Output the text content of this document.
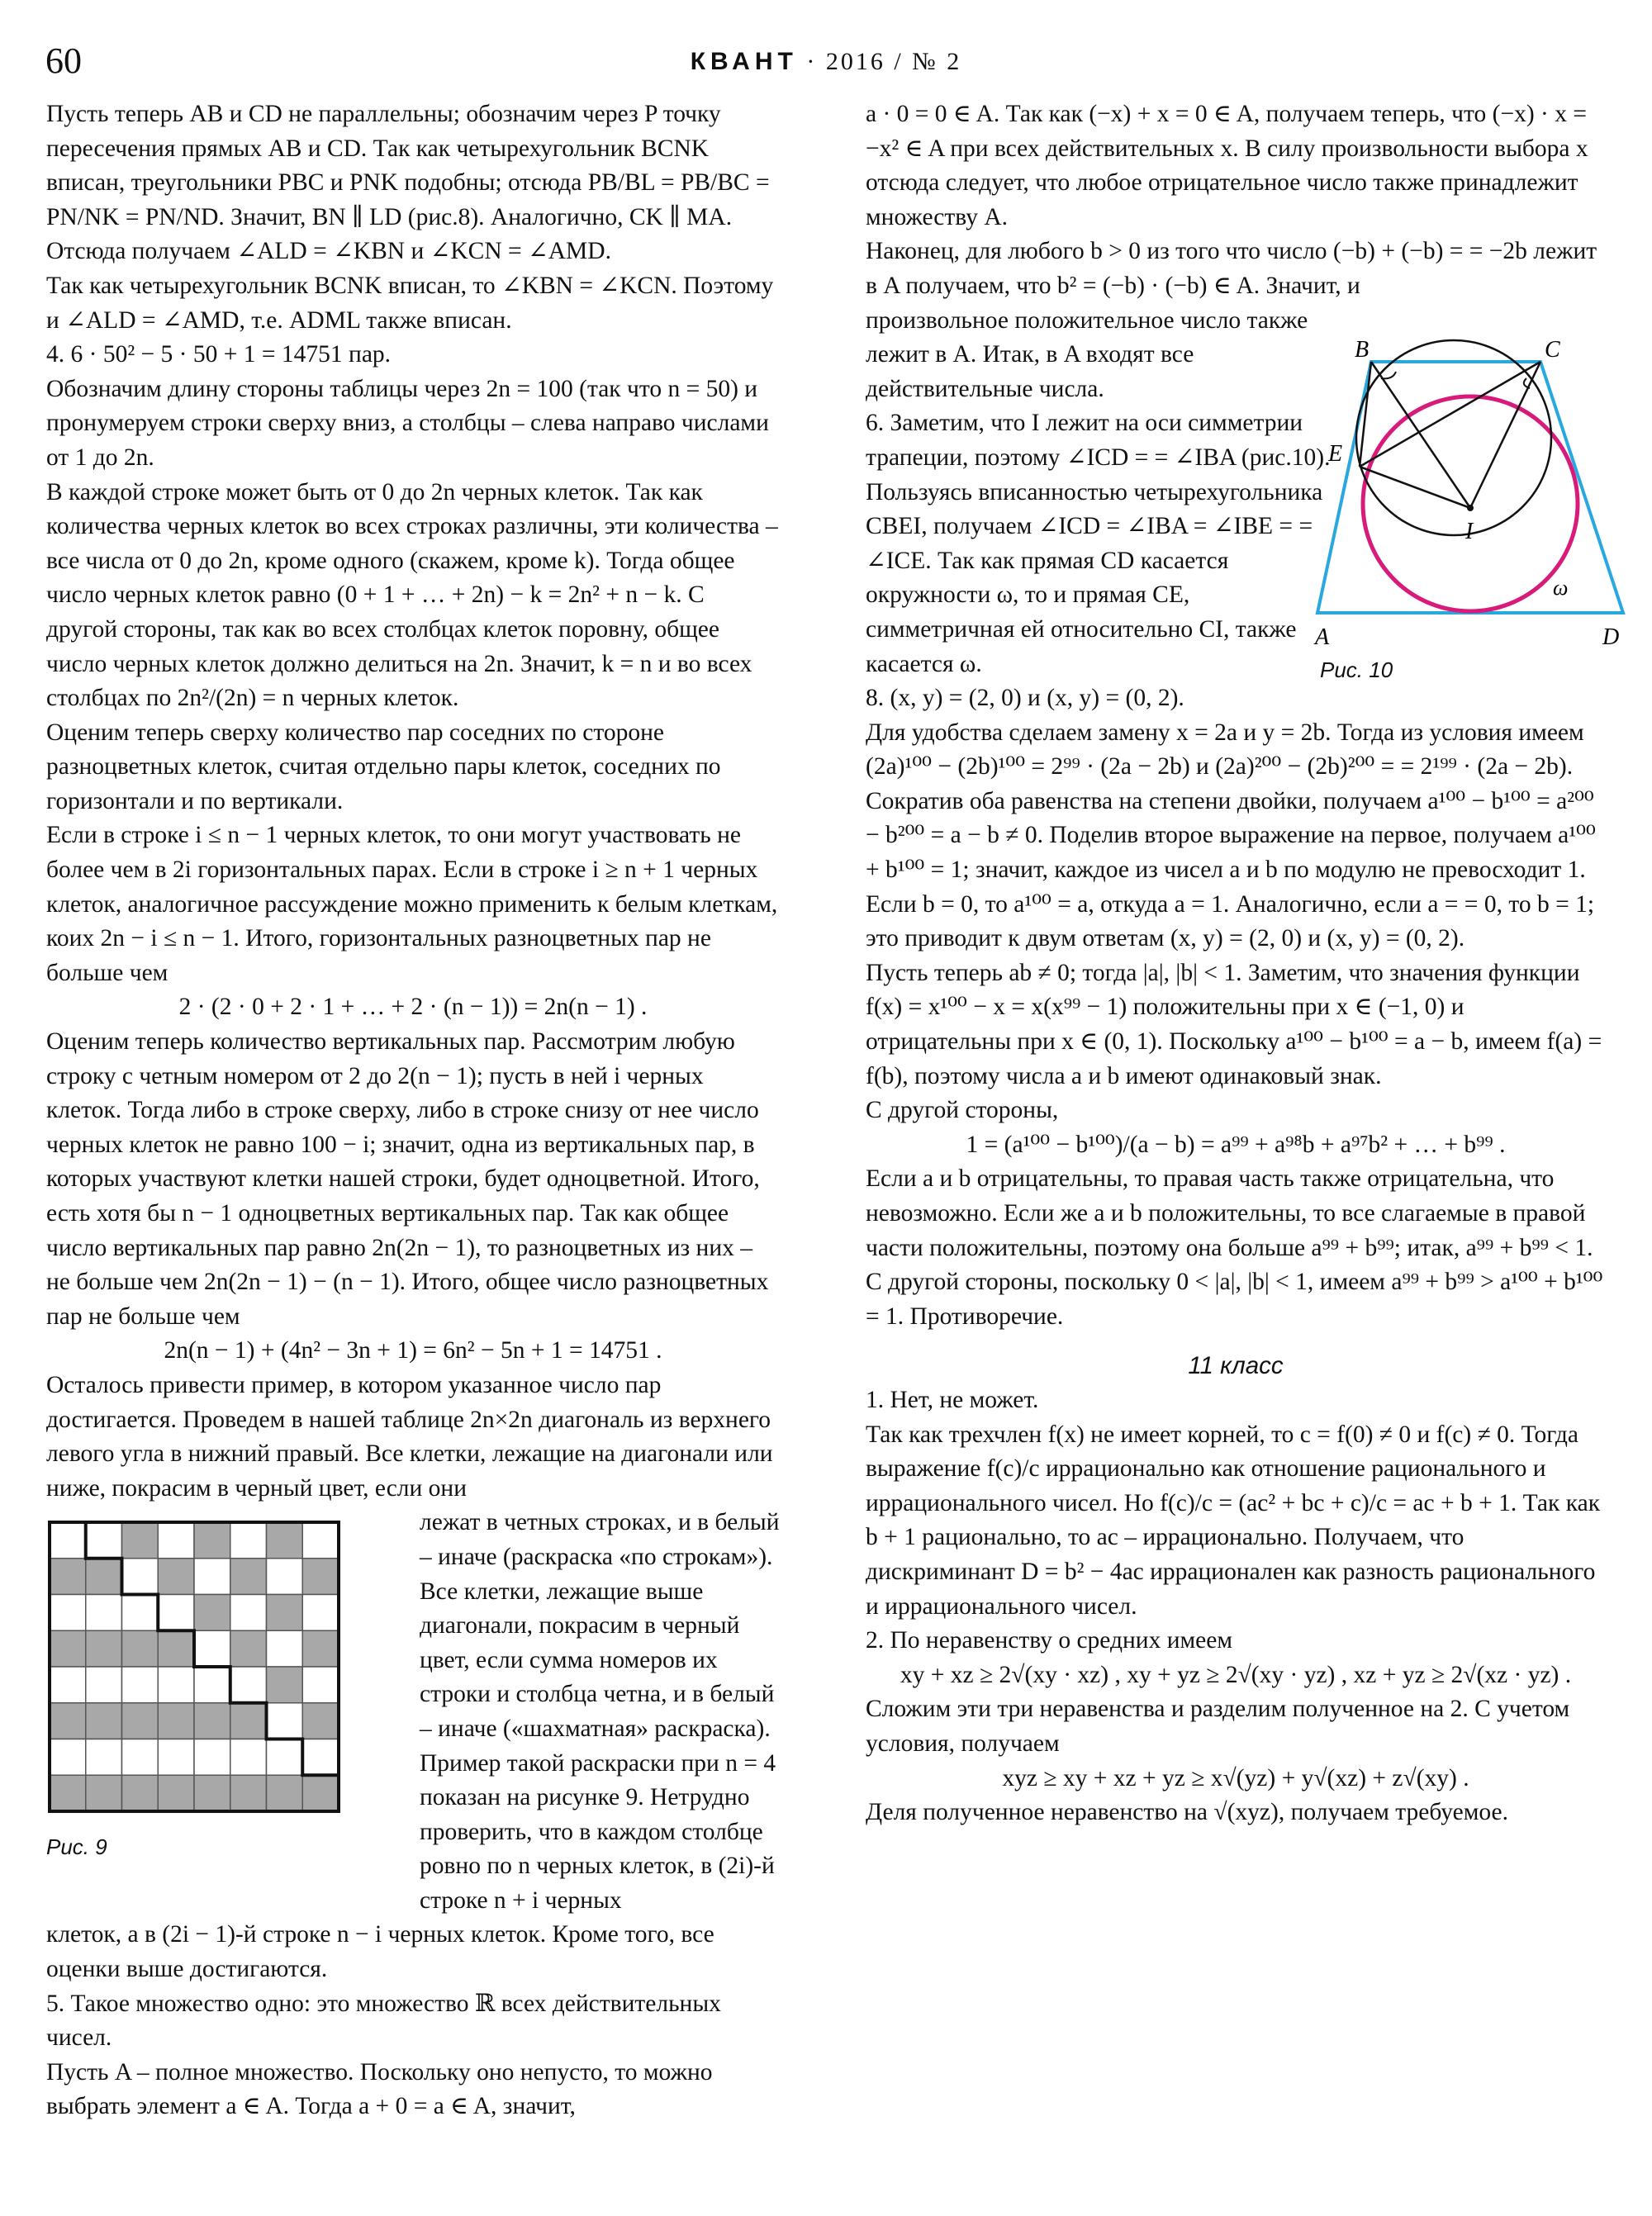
60	КВАНТ · 2016 / № 2

Пусть теперь AB и CD не параллельны; обозначим через P точку пересечения прямых AB и CD. Так как четырехугольник BCNK вписан, треугольники PBC и PNK подобны; отсюда PB/BL = PB/BC = PN/NK = PN/ND. Значит, BN ∥ LD (рис.8). Аналогично, CK ∥ MA. Отсюда получаем ∠ALD = ∠KBN и ∠KCN = ∠AMD.

Так как четырехугольник BCNK вписан, то ∠KBN = ∠KCN. Поэтому и ∠ALD = ∠AMD, т.е. ADML также вписан.

4. 6 · 50² − 5 · 50 + 1 = 14751 пар.

Обозначим длину стороны таблицы через 2n = 100 (так что n = 50) и пронумеруем строки сверху вниз, а столбцы – слева направо числами от 1 до 2n.

В каждой строке может быть от 0 до 2n черных клеток. Так как количества черных клеток во всех строках различны, эти количества – все числа от 0 до 2n, кроме одного (скажем, кроме k). Тогда общее число черных клеток равно (0 + 1 + … + 2n) − k = 2n² + n − k. С другой стороны, так как во всех столбцах клеток поровну, общее число черных клеток должно делиться на 2n. Значит, k = n и во всех столбцах по 2n²/(2n) = n черных клеток.

Оценим теперь сверху количество пар соседних по стороне разноцветных клеток, считая отдельно пары клеток, соседних по горизонтали и по вертикали.

Если в строке i ≤ n − 1 черных клеток, то они могут участвовать не более чем в 2i горизонтальных парах. Если в строке i ≥ n + 1 черных клеток, аналогичное рассуждение можно применить к белым клеткам, коих 2n − i ≤ n − 1. Итого, горизонтальных разноцветных пар не больше чем

2 · (2 · 0 + 2 · 1 + … + 2 · (n − 1)) = 2n(n − 1) .

Оценим теперь количество вертикальных пар. Рассмотрим любую строку с четным номером от 2 до 2(n − 1); пусть в ней i черных клеток. Тогда либо в строке сверху, либо в строке снизу от нее число черных клеток не равно 100 − i; значит, одна из вертикальных пар, в которых участвуют клетки нашей строки, будет одноцветной. Итого, есть хотя бы n − 1 одноцветных вертикальных пар. Так как общее число вертикальных пар равно 2n(2n − 1), то разноцветных из них – не больше чем 2n(2n − 1) − (n − 1). Итого, общее число разноцветных пар не больше чем

2n(n − 1) + (4n² − 3n + 1) = 6n² − 5n + 1 = 14751 .

Осталось привести пример, в котором указанное число пар достигается. Проведем в нашей таблице 2n×2n диагональ из верхнего левого угла в нижний правый. Все клетки, лежащие на диагонали или ниже, покрасим в черный цвет, если они

Рис. 9

лежат в четных строках, и в белый – иначе (раскраска «по строкам»). Все клетки, лежащие выше диагонали, покрасим в черный цвет, если сумма номеров их строки и столбца четна, и в белый – иначе («шахматная» раскраска). Пример такой раскраски при n = 4 показан на рисунке 9. Нетрудно проверить, что в каждом столбце ровно по n черных клеток, в (2i)-й строке n + i черных

клеток, а в (2i − 1)-й строке n − i черных клеток. Кроме того, все оценки выше достигаются.

5. Такое множество одно: это множество ℝ всех действительных чисел.

Пусть A – полное множество. Поскольку оно непусто, то можно выбрать элемент a ∈ A. Тогда a + 0 = a ∈ A, значит,

a · 0 = 0 ∈ A. Так как (−x) + x = 0 ∈ A, получаем теперь, что (−x) · x = −x² ∈ A при всех действительных x. В силу произвольности выбора x отсюда следует, что любое отрицательное число также принадлежит множеству A.

Наконец, для любого b > 0 из того что число (−b) + (−b) = = −2b лежит в A получаем, что b² = (−b) · (−b) ∈ A. Значит, и

произвольное положительное число также лежит в A. Итак, в A входят все действительные числа.

6. Заметим, что I лежит на оси симметрии трапеции, поэтому ∠ICD = = ∠IBA (рис.10). Пользуясь вписанностью четырехугольника CBEI, получаем ∠ICD = ∠IBA = ∠IBE = = ∠ICE. Так как прямая CD касается окружности ω, то и прямая CE, симметричная ей относительно CI, также касается ω.

8. (x, y) = (2, 0) и (x, y) = (0, 2).

Для удобства сделаем замену x = 2a и y = 2b. Тогда из условия имеем (2a)¹⁰⁰ − (2b)¹⁰⁰ = 2⁹⁹ · (2a − 2b) и (2a)²⁰⁰ − (2b)²⁰⁰ = = 2¹⁹⁹ · (2a − 2b). Сократив оба равенства на степени двойки, получаем a¹⁰⁰ − b¹⁰⁰ = a²⁰⁰ − b²⁰⁰ = a − b ≠ 0. Поделив второе выражение на первое, получаем a¹⁰⁰ + b¹⁰⁰ = 1; значит, каждое из чисел a и b по модулю не превосходит 1.

Если b = 0, то a¹⁰⁰ = a, откуда a = 1. Аналогично, если a = = 0, то b = 1; это приводит к двум ответам (x, y) = (2, 0) и (x, y) = (0, 2).

Пусть теперь ab ≠ 0; тогда |a|, |b| < 1. Заметим, что значения функции f(x) = x¹⁰⁰ − x = x(x⁹⁹ − 1) положительны при x ∈ (−1, 0) и отрицательны при x ∈ (0, 1). Поскольку a¹⁰⁰ − b¹⁰⁰ = a − b, имеем f(a) = f(b), поэтому числа a и b имеют одинаковый знак.

С другой стороны,

1 = (a¹⁰⁰ − b¹⁰⁰)/(a − b) = a⁹⁹ + a⁹⁸b + a⁹⁷b² + … + b⁹⁹ .

Если a и b отрицательны, то правая часть также отрицательна, что невозможно. Если же a и b положительны, то все слагаемые в правой части положительны, поэтому она больше a⁹⁹ + b⁹⁹; итак, a⁹⁹ + b⁹⁹ < 1. С другой стороны, поскольку 0 < |a|, |b| < 1, имеем a⁹⁹ + b⁹⁹ > a¹⁰⁰ + b¹⁰⁰ = 1. Противоречие.

11 класс

1. Нет, не может.

Так как трехчлен f(x) не имеет корней, то c = f(0) ≠ 0 и f(c) ≠ 0. Тогда выражение f(c)/c иррационально как отношение рационального и иррационального чисел. Но f(c)/c = (ac² + bc + c)/c = ac + b + 1. Так как b + 1 рационально, то ac – иррационально. Получаем, что дискриминант D = b² − 4ac иррационален как разность рационального и иррационального чисел.

2. По неравенству о средних имеем

xy + xz ≥ 2√(xy · xz) , xy + yz ≥ 2√(xy · yz) , xz + yz ≥ 2√(xz · yz) .

Сложим эти три неравенства и разделим полученное на 2. С учетом условия, получаем

xyz ≥ xy + xz + yz ≥ x√(yz) + y√(xz) + z√(xy) .

Деля полученное неравенство на √(xyz), получаем требуемое.

B	C
E
I
ω
A	D
Рис. 10
